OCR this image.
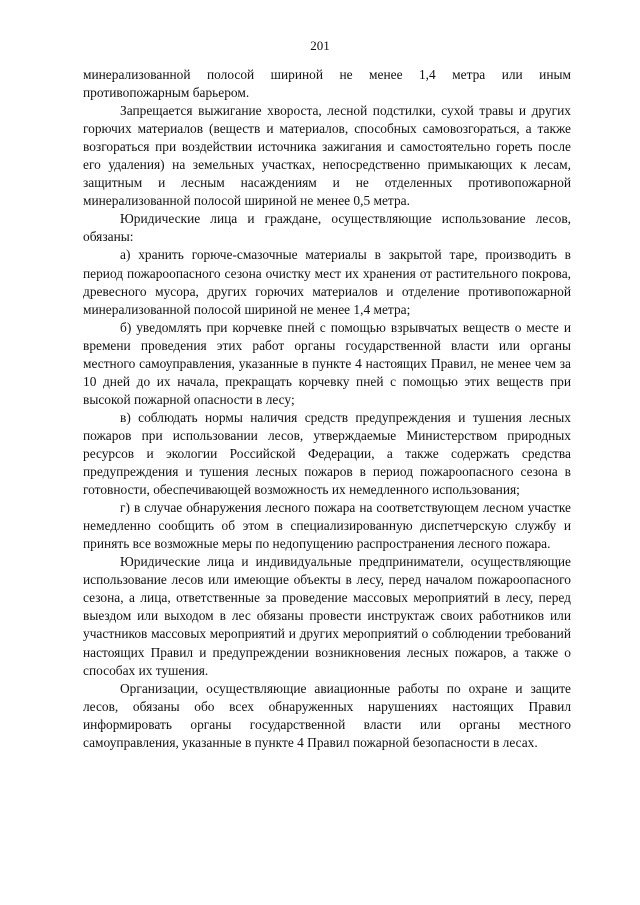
201

минерализованной полосой шириной не менее 1,4 метра или иным противопожарным барьером.

Запрещается выжигание хвороста, лесной подстилки, сухой травы и других горючих материалов (веществ и материалов, способных самовозгораться, а также возгораться при воздействии источника зажигания и самостоятельно гореть после его удаления) на земельных участках, непосредственно примыкающих к лесам, защитным и лесным насаждениям и не отделенных противопожарной минерализованной полосой шириной не менее 0,5 метра.

Юридические лица и граждане, осуществляющие использование лесов, обязаны:

а) хранить горюче-смазочные материалы в закрытой таре, производить в период пожароопасного сезона очистку мест их хранения от растительного покрова, древесного мусора, других горючих материалов и отделение противопожарной минерализованной полосой шириной не менее 1,4 метра;

б) уведомлять при корчевке пней с помощью взрывчатых веществ о месте и времени проведения этих работ органы государственной власти или органы местного самоуправления, указанные в пункте 4 настоящих Правил, не менее чем за 10 дней до их начала, прекращать корчевку пней с помощью этих веществ при высокой пожарной опасности в лесу;

в) соблюдать нормы наличия средств предупреждения и тушения лесных пожаров при использовании лесов, утверждаемые Министерством природных ресурсов и экологии Российской Федерации, а также содержать средства предупреждения и тушения лесных пожаров в период пожароопасного сезона в готовности, обеспечивающей возможность их немедленного использования;

г) в случае обнаружения лесного пожара на соответствующем лесном участке немедленно сообщить об этом в специализированную диспетчерскую службу и принять все возможные меры по недопущению распространения лесного пожара.

Юридические лица и индивидуальные предприниматели, осуществляющие использование лесов или имеющие объекты в лесу, перед началом пожароопасного сезона, а лица, ответственные за проведение массовых мероприятий в лесу, перед выездом или выходом в лес обязаны провести инструктаж своих работников или участников массовых мероприятий и других мероприятий о соблюдении требований настоящих Правил и предупреждении возникновения лесных пожаров, а также о способах их тушения.

Организации, осуществляющие авиационные работы по охране и защите лесов, обязаны обо всех обнаруженных нарушениях настоящих Правил информировать органы государственной власти или органы местного самоуправления, указанные в пункте 4 Правил пожарной безопасности в лесах.
